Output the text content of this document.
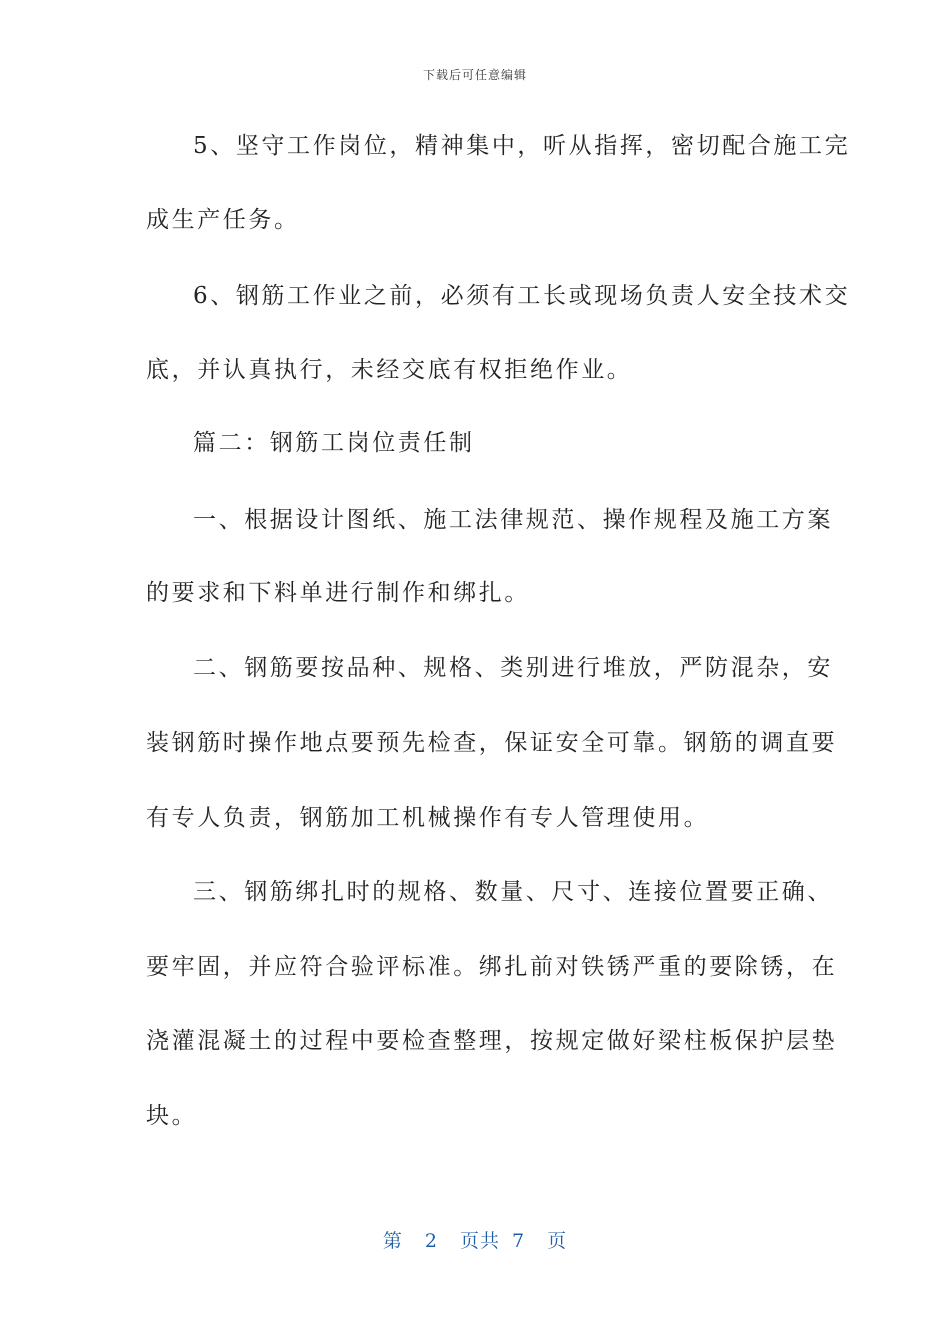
下载后可任意编辑
5、坚守工作岗位，精神集中，听从指挥，密切配合施工完
成生产任务。
6、钢筋工作业之前，必须有工长或现场负责人安全技术交
底，并认真执行，未经交底有权拒绝作业。
篇二：钢筋工岗位责任制
一、根据设计图纸、施工法律规范、操作规程及施工方案
的要求和下料单进行制作和绑扎。
二、钢筋要按品种、规格、类别进行堆放，严防混杂，安
装钢筋时操作地点要预先检查，保证安全可靠。钢筋的调直要
有专人负责，钢筋加工机械操作有专人管理使用。
三、钢筋绑扎时的规格、数量、尺寸、连接位置要正确、
要牢固，并应符合验评标准。绑扎前对铁锈严重的要除锈，在
浇灌混凝土的过程中要检查整理，按规定做好梁柱板保护层垫
块。
第 2 页共 7 页
